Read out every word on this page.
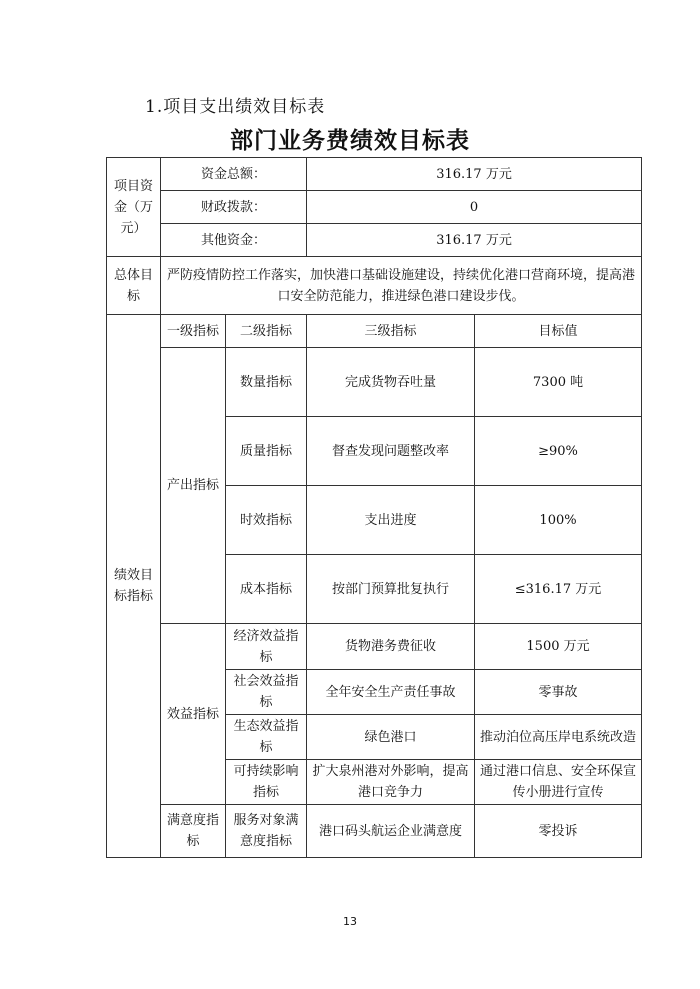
1.项目支出绩效目标表
部门业务费绩效目标表
项目资金（万元）	资金总额：		316.17 万元	
	财政拨款：		0	
	其他资金：		316.17 万元	
总体目标	严防疫情防控工作落实，加快港口基础设施建设，持续优化港口营商环境，提高港口安全防范能力，推进绿色港口建设步伐。			
绩效目标指标	一级指标	二级指标	三级指标	目标值
	产出指标	数量指标	完成货物吞吐量	7300 吨
		质量指标	督查发现问题整改率	≥90%
		时效指标	支出进度	100%
		成本指标	按部门预算批复执行	≤316.17 万元
	效益指标	经济效益指标	货物港务费征收	1500 万元
		社会效益指标	全年安全生产责任事故	零事故
		生态效益指标	绿色港口	推动泊位高压岸电系统改造
		可持续影响指标	扩大泉州港对外影响，提高港口竞争力	通过港口信息、安全环保宣传小册进行宣传
	满意度指标	服务对象满意度指标	港口码头航运企业满意度	零投诉
13
